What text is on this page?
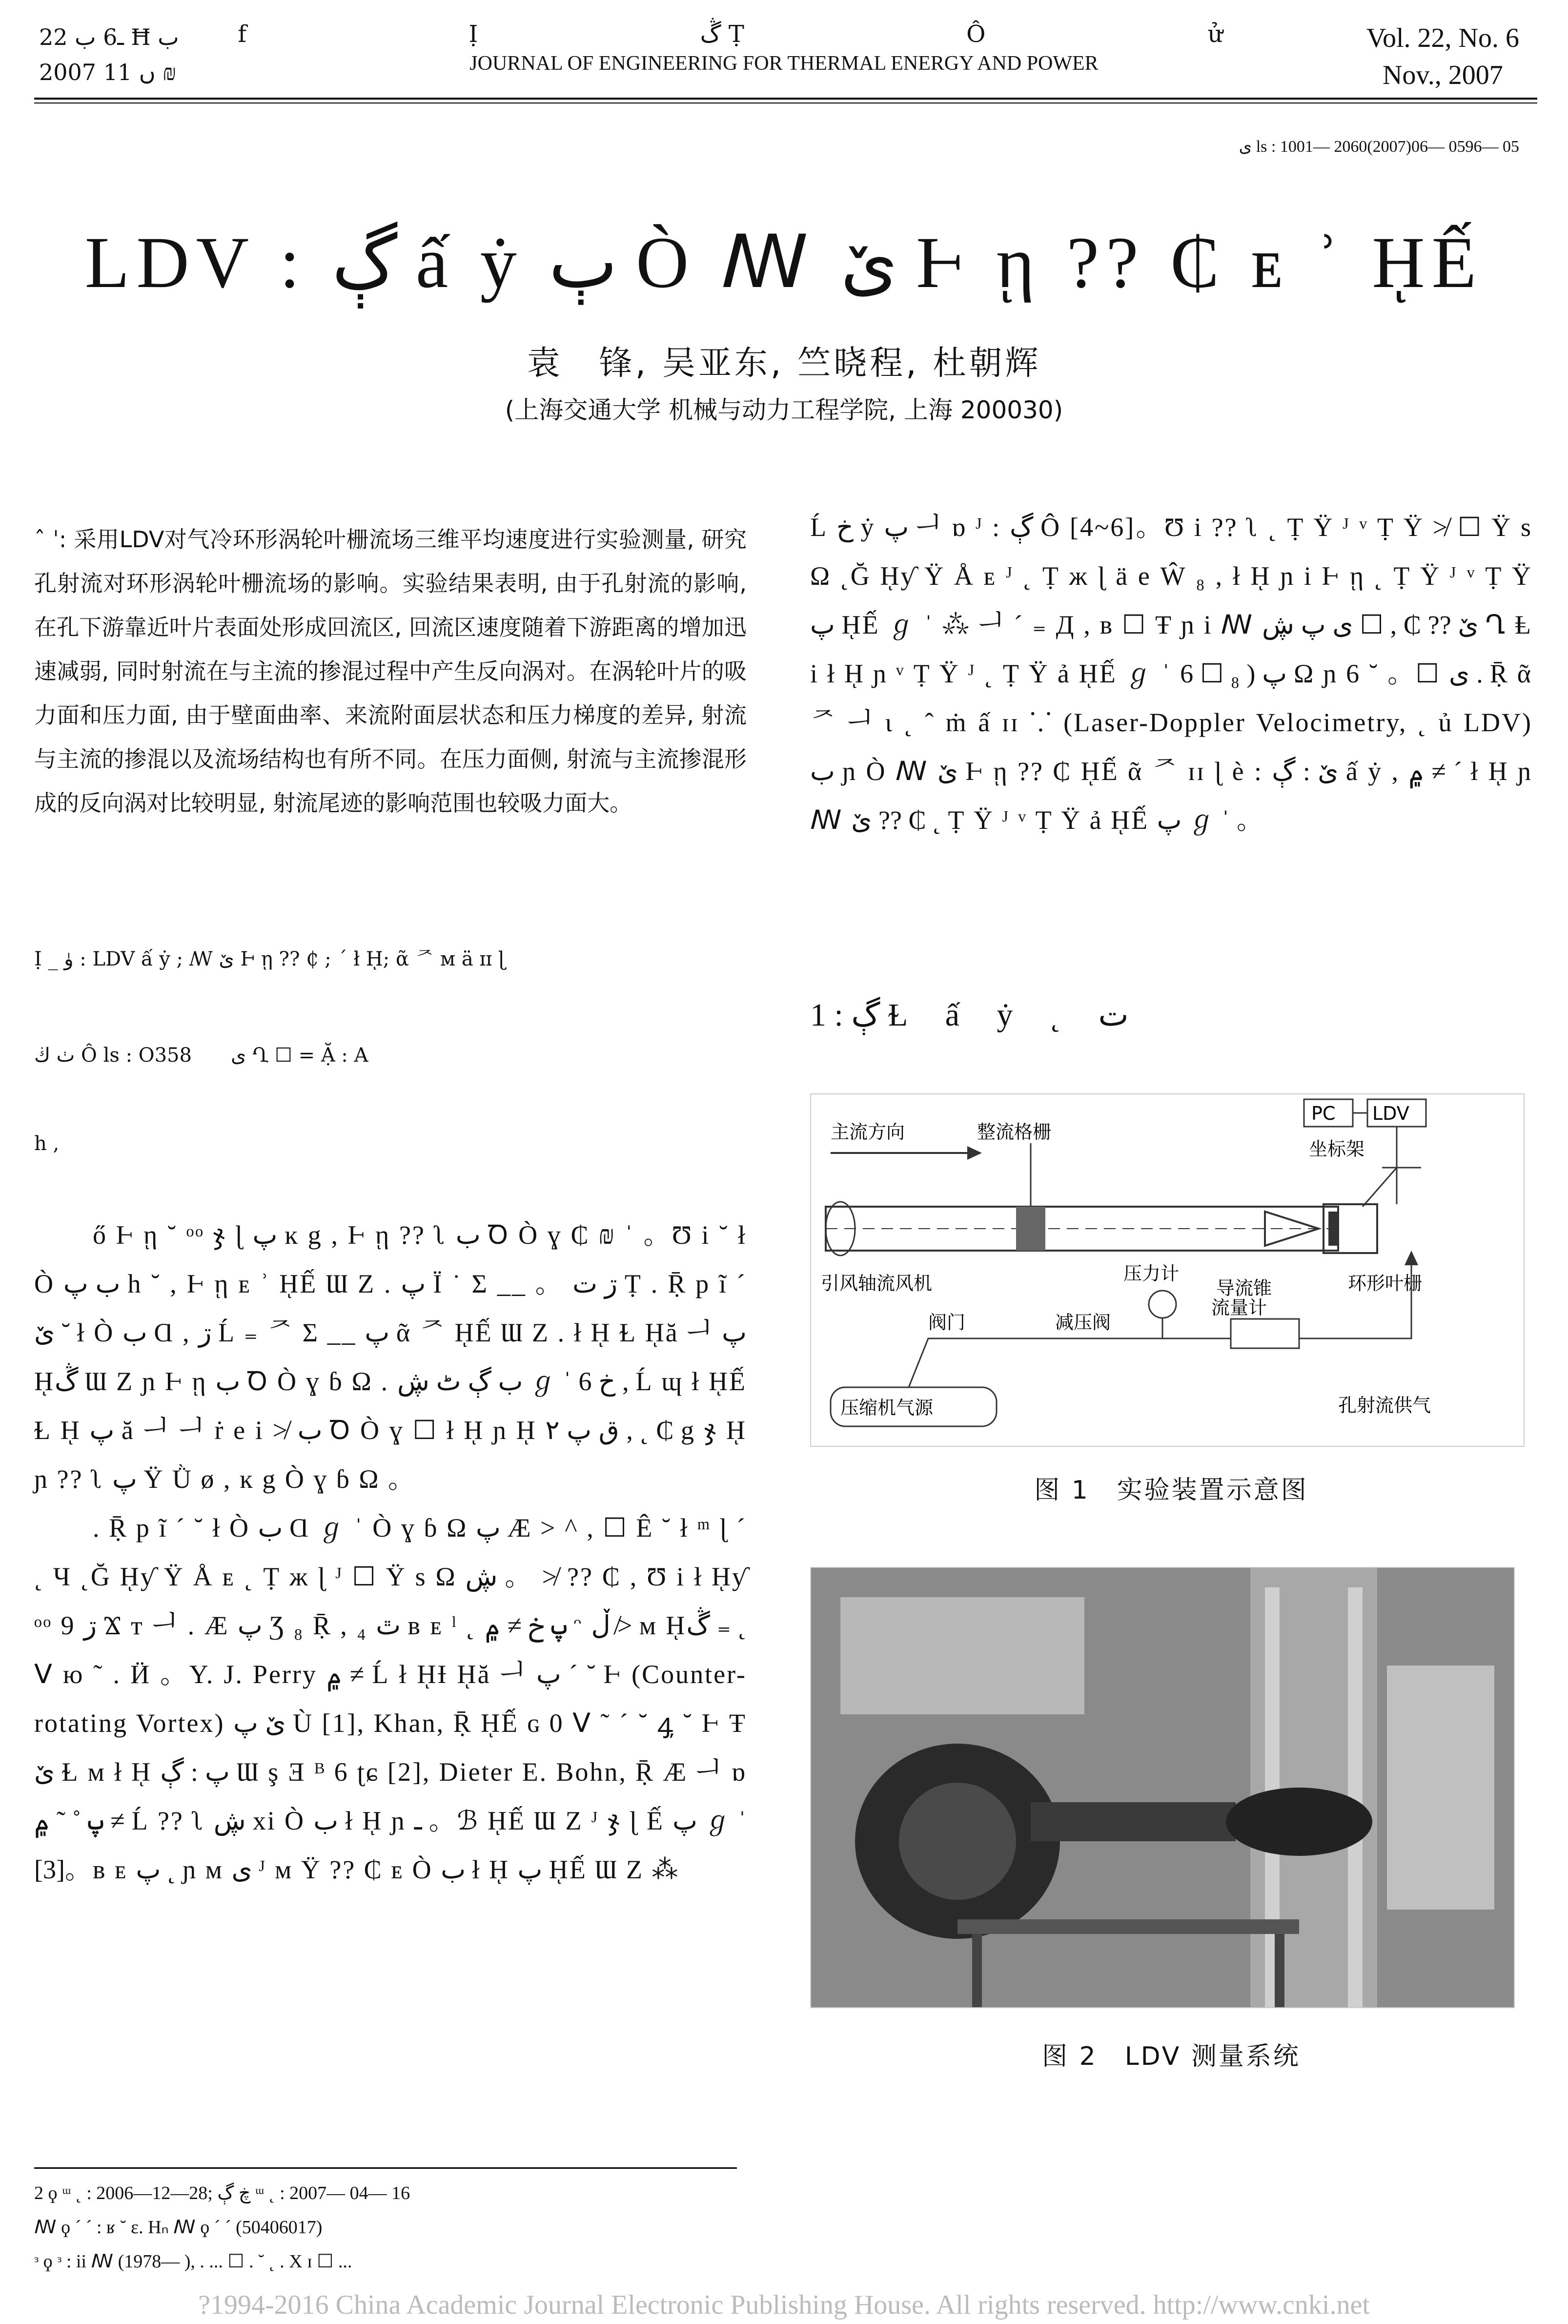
ـ6 ب 22 Ħ ب
2007 ں 11 ₪
f Ị ڴ Ṭ Ô ử
JOURNAL OF ENGINEERING FOR THERMAL ENERGY AND POWER
Vol. 22, No. 6
Nov., 2007
ی ls : 1001— 2060(2007)06— 0596— 05
LDV : ڳ ấ ẏ ٻ Ò ꟿ ێ Ⱶ ῃ ?? ₵ ᴇ ʾ ῌẾ
袁　锋, 吴亚东, 竺晓程, 杜朝辉
(上海交通大学 机械与动力工程学院, 上海 200030)
ˆ ˈ: 采用LDV对气冷环形涡轮叶栅流场三维平均速度进行实验测量, 研究孔射流对环形涡轮叶栅流场的影响。实验结果表明, 由于孔射流的影响, 在孔下游靠近叶片表面处形成回流区, 回流区速度随着下游距离的增加迅速减弱, 同时射流在与主流的掺混过程中产生反向涡对。在涡轮叶片的吸力面和压力面, 由于壁面曲率、来流附面层状态和压力梯度的差异, 射流与主流的掺混以及流场结构也有所不同。在压力面侧, 射流与主流掺混形成的反向涡对比较明显, 射流尾迹的影响范围也较吸力面大。
Ị _ ﯛ : LDV ấ ẏ ; ꟿ ێ Ⱶ ῃ ?? ₵ ; ´ ł ῌ; ᾶ ᅎ ᴍ ä ɪɪ ɭ
ٺ ڬ Ô ls : O358　　ی Ղ ☐ = Ặ : A
h ,

ő Ⱶ ῃ ˘ ᵒᵒ ჯ ɭ پ ĸ g , Ⱶ ῃ ?? ʅ ب Ꝺ Ò ɣ ₵ ₪ ˈ 。Ʊ i ˘ ł Ò ب پ h ˘ , Ⱶ ῃ ᴇ ʾ ῌẾ Ɯ Ζ . پ Ϊ ˙ Σ __ 。 ڗ ت Ṭ . Ṝ p ĩ ´ ێ ˘ ł Ò ب Ɑ , ڗ Ĺ ₌ ᅎ Σ __ پ ᾶ ᅎ ῌẾ Ɯ Ζ . ł ῌ Ɫ ῌă ᅴ پ ῌڴ Ɯ Ζ ɲ Ⱶ ῃ ب Ꝺ Ò ɣ ɓ Ω . ب ڳ ٹ ڜ ℊ ˈ 6 خ , Ĺ ɰ ł ῌẾ Ɫ ῌ پ ă ᅴ ᅴ ṙ e i ≯ ب Ꝺ Ò ɣ ☐ ł ῌ ɲ ῌ ق پ ۲ , ˛ ₵ g ჯ ῌ ɲ ?? ʅ پ Ÿ Ǜ ø , ĸ g Ò ɣ ɓ Ω 。

. Ṝ p ĩ ´ ˘ ł Ò ب Ɑ ℊ ˈ Ò ɣ ɓ Ω پ Æ > ^ , ☐ Ê ˘ ł ᵐ ɭ ˊ ˛ Ч ˛Ğ ῌƴ Ÿ Å ᴇ ˛ Ṭ ж ɭ ᴶ ☐ Ÿ s Ω ڜ 。 ≯ ?? ₵ , Ʊ i ł ῌƴ ᵒᵒ 9 ڗ Ϫ ᴛ ᅴ . Æ پ Ʒ ₈ Ṝ , ₄ ٿ ʙ ᴇ ˡ ˛ پ خ ≠ ۾ ᵔ ڵ ≯ ᴍ ῌڴ ₌ ˛ ꓦ ю ˜ . Ӥ 。Y. J. Perry ۾ ≠ Ĺ ł ῌƗ ῌă ᅴ پ ˊ ˘ Ⱶ (Counter-rotating Vortex) ێ پ Ù [1], Khan, Ṝ ῌẾ ɢ 0 ꓦ ˜ ˊ ˘ ꜯ ˘ Ⱶ Ŧ ێ Ɫ ᴍ ł ῌ پ : ڳ Ɯ ş Ǝ ᴮ 6 ʈɕ [2], Dieter E. Bohn, Ṝ Æ ᅴ ɒ پ ˚ ˜ ۾ ≠ Ĺ ?? ʅ ڜ xi Ò ب ł ῌ ɲ ـ 。ℬ ῌẾ Ɯ Ζ ᴶ ჯ ɭ Ế پ ℊ ˈ [3]。ʙ ᴇ پ ˛ ɲ ᴍ ی ᴶ ᴍ Ÿ ?? ₵ ᴇ Ò ب ł ῌ پ ῌẾ Ɯ Ζ ⁂

Ĺ خ ẏ پ ᅴ ɒ ᴶ : ڳ Ô [4~6]。Ʊ i ?? ʅ ˛ Ṭ Ÿ ᴶ ᵛ Ṭ Ÿ ≯ ☐ Ÿ s Ω ˛Ğ ῌƴ Ÿ Å ᴇ ᴶ ˛ Ṭ ж ɭ ä e Ŵ ₈ , ł ῌ ɲ i Ⱶ ῃ ˛ Ṭ Ÿ ᴶ ᵛ Ṭ Ÿ پ ῌẾ ℊ ˈ ⁂ ᅴ ˊ ₌ Д , ʙ ☐ Ŧ ɲ i ꟿ ێ ?? ₵ , ☐ ی پ ڜ Ղ Ⱡ i ł ῌ ɲ ᵛ Ṭ Ÿ ᴶ ˛ Ṭ Ÿ ả ῌẾ ℊ ˈ پ ( ₈ ☐ 6 Ω ɲ 6 ˘ 。☐ ی . Ṝ ᾶ ᅎ ᅴ ɩ ˛ ˆ ṁ ấ ɪɪ ⸪ (Laser-Doppler Velocimetry, ˛ ủ LDV) ب ɲ Ò ꟿ ێ Ⱶ ῃ ?? ₵ ῌẾ ᾶ ᅎ ɪɪ ɭ è : ێ : ڳ ấ ẏ , ۾ ≠ ˊ ł ῌ ɲ ꟿ ێ ?? ₵ ˛ Ṭ Ÿ ᴶ ᵛ Ṭ Ÿ ả ῌẾ پ ℊ ˈ 。

1 : ڳ Ɫ ấ ẏ ˛ ت
主流方向	整流格栅
PC LDV
坐标架
引风轴流风机	压力计
导流锥	环形叶栅
阀门	减压阀
流量计
压缩机气源	孔射流供气
图 1　实验装置示意图
图 2　LDV 测量系统
2 ϙ ᵚ ˛ : 2006—12—28; ڿ ڳ ᵚ ˛ : 2007— 04— 16
ꟿ ϙ ˊ ˊ : ʁ ˘ ɛ. Hₙ ꟿ ϙ ˊ ˊ (50406017)
ᶟ ϙ ᶟ : ii ꟿ (1978— ), . ... ☐ . ˘ ˛ . X ɪ ☐ ...
?1994-2016 China Academic Journal Electronic Publishing House. All rights reserved. http://www.cnki.net
